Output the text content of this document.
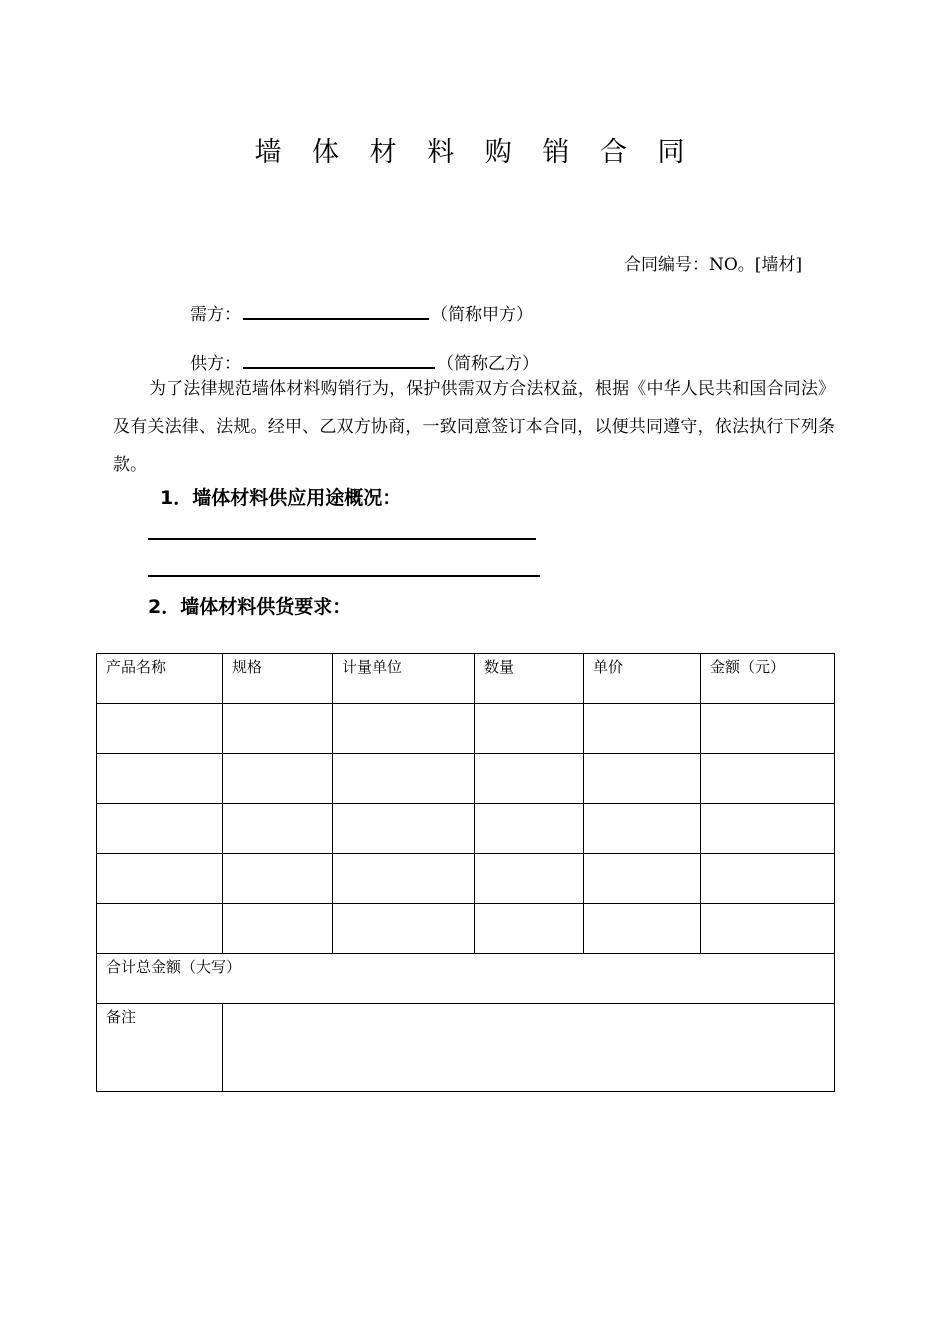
墙 体 材 料 购 销 合 同
合同编号：NO。[墙材]
需方：	（简称甲方）
供方：	（简称乙方）
为了法律规范墙体材料购销行为，保护供需双方合法权益，根据《中华人民共和国合同法》及有关法律、法规。经甲、乙双方协商，一致同意签订本合同，以便共同遵守，依法执行下列条款。
1．墙体材料供应用途概况：
2．墙体材料供货要求：
产品名称	规格	计量单位	数量	单价	金额（元）

合计总金额（大写）					
备注					
